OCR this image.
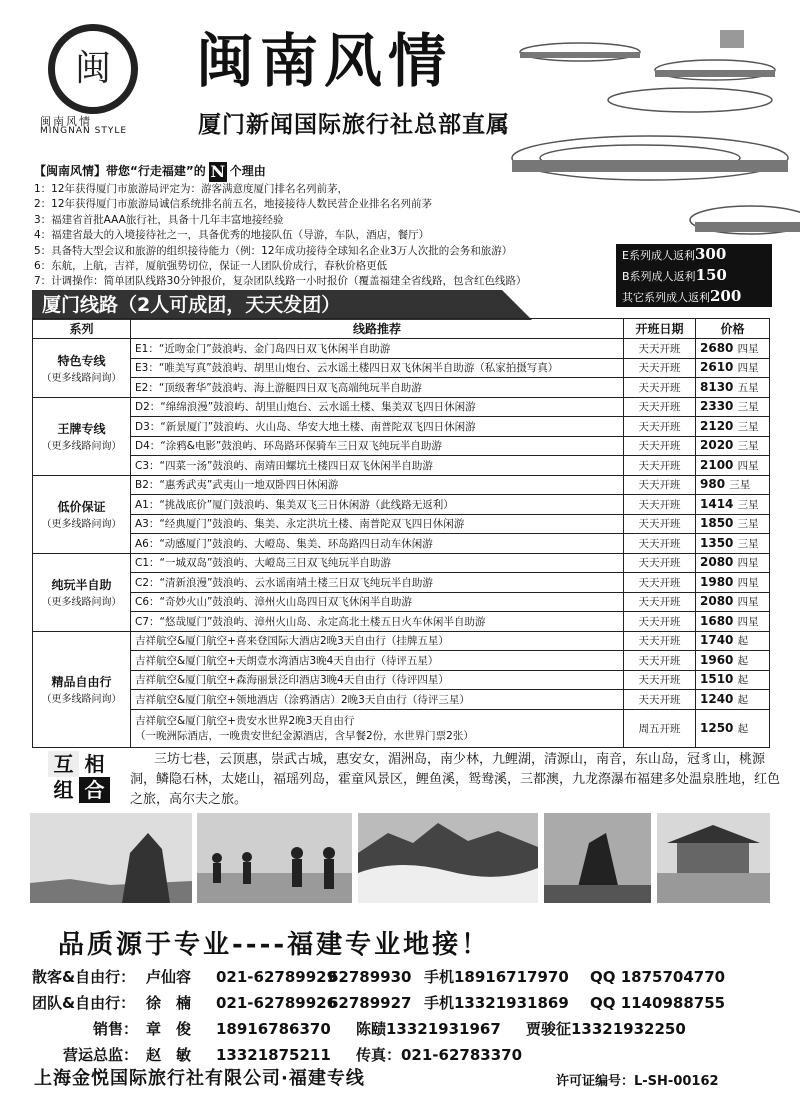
闽
闽南风情
MINGNAN STYLE
闽南风情
厦门新闻国际旅行社总部直属
【闽南风情】带您“行走福建”的 N 个理由
1：12年获得厦门市旅游局评定为：游客满意度厦门排名名列前茅，
2：12年获得厦门市旅游局诚信系统排名前五名，地接接待人数民营企业排名名列前茅
3：福建省首批AAA旅行社，具备十几年丰富地接经验
4：福建省最大的入境接待社之一，具备优秀的地接队伍（导游，车队，酒店，餐厅）
5：具备特大型会议和旅游的组织接待能力（例：12年成功接待全球知名企业3万人次批的会务和旅游）
6：东航，上航，吉祥，厦航强势切位，保证一人团队价成行，春秋价格更低
7：计调操作：简单团队线路30分钟报价，复杂团队线路一小时报价（覆盖福建全省线路，包含红色线路）
E系列成人返利300
B系列成人返利150
其它系列成人返利200
厦门线路（2人可成团，天天发团）
系列	线路推荐	开班日期	价格

特色专线
（更多线路问询）	E1：“近吻金门”鼓浪屿、金门岛四日双飞休闲半自助游	天天开班	2680 四星

	E3：“唯美写真”鼓浪屿、胡里山炮台、云水谣土楼四日双飞休闲半自助游（私家拍摄写真）	天天开班	2610 四星

	E2：“顶级奢华”鼓浪屿、海上游艇四日双飞高端纯玩半自助游	天天开班	8130 五星

王牌专线
（更多线路问询）	D2：“绵绵浪漫”鼓浪屿、胡里山炮台、云水谣土楼、集美双飞四日休闲游	天天开班	2330 三星

	D3：“新景厦门”鼓浪屿、火山岛、华安大地土楼、南普陀双飞四日休闲游	天天开班	2120 三星

	D4：“涂鸦&电影”鼓浪屿、环岛路环保骑车三日双飞纯玩半自助游	天天开班	2020 三星

	C3：“四菜一汤”鼓浪屿、南靖田螺坑土楼四日双飞休闲半自助游	天天开班	2100 四星

低价保证
（更多线路问询）	B2：“惠秀武夷”武夷山一地双卧四日休闲游	天天开班	980 三星

	A1：“挑战底价”厦门鼓浪屿、集美双飞三日休闲游（此线路无返利）	天天开班	1414 三星

	A3：“经典厦门”鼓浪屿、集美、永定洪坑土楼、南普陀双飞四日休闲游	天天开班	1850 三星

	A6：“动感厦门”鼓浪屿、大嶝岛、集美、环岛路四日动车休闲游	天天开班	1350 三星

纯玩半自助
（更多线路问询）	C1：“一城双岛”鼓浪屿、大嶝岛三日双飞纯玩半自助游	天天开班	2080 四星

	C2：“清新浪漫”鼓浪屿、云水谣南靖土楼三日双飞纯玩半自助游	天天开班	1980 四星

	C6：“奇妙火山”鼓浪屿、漳州火山岛四日双飞休闲半自助游	天天开班	2080 四星

	C7：“悠哉厦门”鼓浪屿、漳州火山岛、永定高北土楼五日火车休闲半自助游	天天开班	1680 四星

精品自由行
（更多线路问询）	吉祥航空&厦门航空+喜来登国际大酒店2晚3天自由行（挂牌五星）	天天开班	1740 起

	吉祥航空&厦门航空+天朗壹水湾酒店3晚4天自由行（待评五星）	天天开班	1960 起

	吉祥航空&厦门航空+森海丽景泛印酒店3晚4天自由行（待评四星）	天天开班	1510 起

	吉祥航空&厦门航空+领地酒店（涂鸦酒店）2晚3天自由行（待评三星）	天天开班	1240 起

	吉祥航空&厦门航空+贵安水世界2晚3天自由行
（一晚洲际酒店，一晚贵安世纪金源酒店，含早餐2份，水世界门票2张）	周五开班	1250 起
互 相
组 合
三坊七巷，云顶惠，崇武古城，惠安女，湄洲岛，南少林，九鲤湖，清源山，南音，东山岛，冠豸山，桃源洞，鳞隐石林，太姥山，福瑶列岛，霍童风景区，鲤鱼溪，鸳鸯溪，三都澳，九龙漈瀑布福建多处温泉胜地，红色之旅，高尔夫之旅。
品质源于专业----福建专业地接！
散客&自由行： 卢仙容 021-6278992962789930 手机18916717970 QQ 1875704770
团队&自由行： 徐　楠 021-6278992662789927 手机13321931869 QQ 1140988755
销售： 章　俊 18916786370 陈赜13321931967 贾骏征13321932250
营运总监： 赵　敏 13321875211 传真：021-62783370
上海金悦国际旅行社有限公司·福建专线	许可证编号：L-SH-00162
